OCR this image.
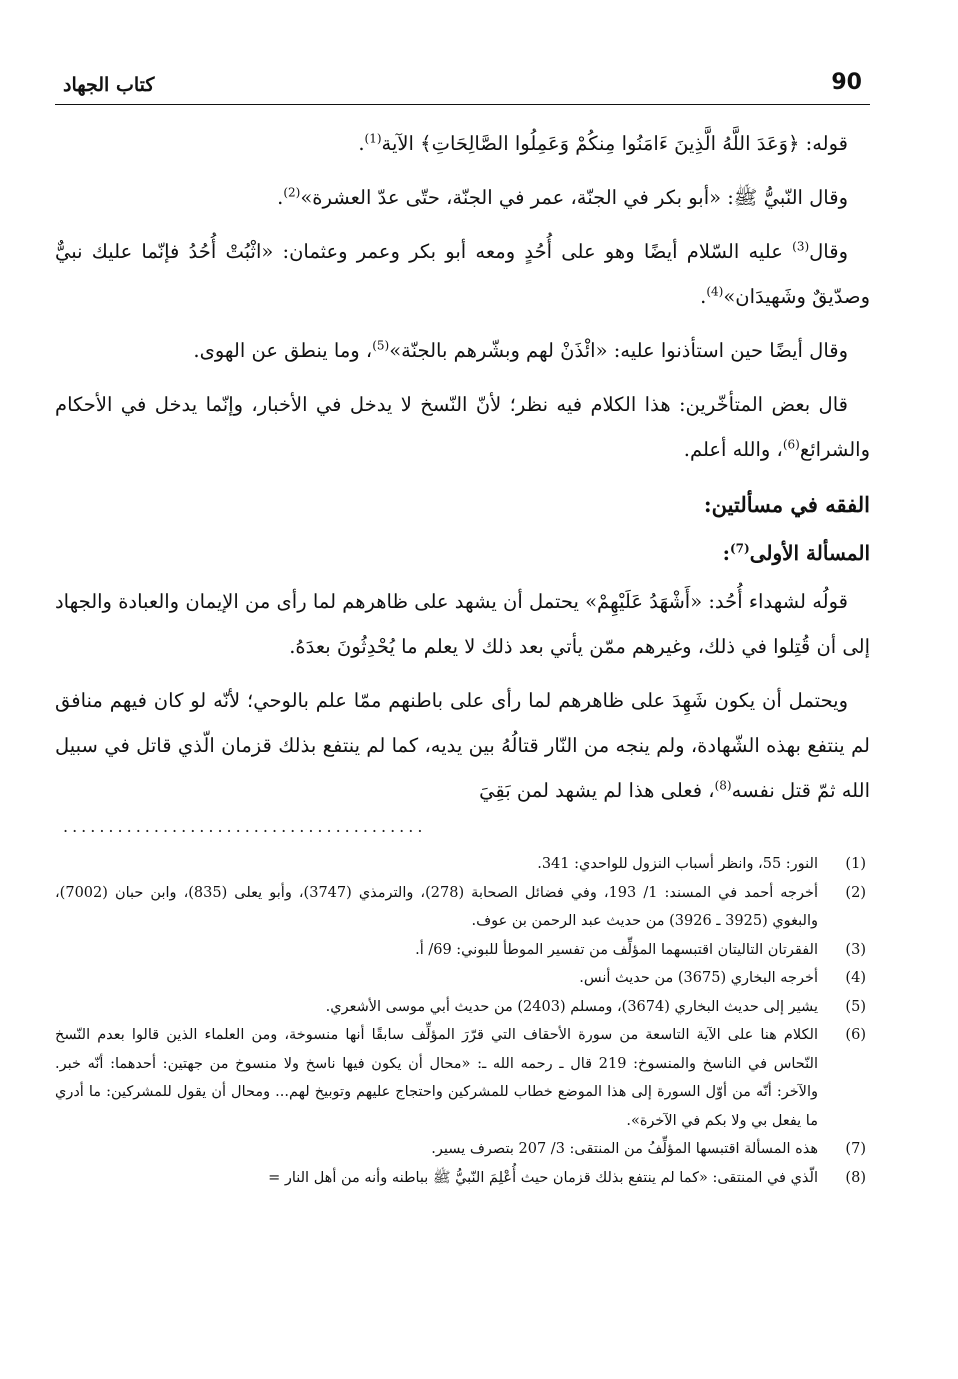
90
كتاب الجهاد

قوله: ﴿وَعَدَ اللَّهُ الَّذِينَ ءَامَنُوا مِنكُمْ وَعَمِلُوا الصَّالِحَاتِ﴾ الآية$^{(1)}$.

وقال النّبيُّ ﷺ: «أبو بكر في الجنّة، عمر في الجنّة، حتّى عدّ العشرة»$^{(2)}$.

وقال$^{(3)}$ عليه السّلام أيضًا وهو على أُحُدٍ ومعه أبو بكر وعمر وعثمان: «اثْبُتْ أُحُدُ فإنّما عليك نبيٌّ وصدّيقٌ وشَهيدَان»$^{(4)}$.

وقال أيضًا حين استأذنوا عليه: «ائْذَنْ لهم وبشّرهم بالجنّة»$^{(5)}$، وما ينطق عن الهوى.

قال بعض المتأخّرين: هذا الكلام فيه نظر؛ لأنّ النّسخ لا يدخل في الأخبار، وإنّما يدخل في الأحكام والشرائع$^{(6)}$، والله أعلم.

الفقه في مسألتين:
المسألة الأولى$^{(7)}$:

قولُه لشهداء أُحُد: «أَشْهَدُ عَلَيْهِمْ» يحتمل أن يشهد على ظاهرهم لما رأى من الإيمان والعبادة والجهاد إلى أن قُتِلوا في ذلك، وغيرهم ممّن يأتي بعد ذلك لا يعلم ما يُحْدِثُونَ بعدَهُ.

ويحتمل أن يكون شَهِدَ على ظاهرهم لما رأى على باطنهم ممّا علم بالوحي؛ لأنّه لو كان فيهم منافق لم ينتفع بهذه الشّهادة، ولم ينجه من النّار قتالُهُ بين يديه، كما لم ينتفع بذلك قزمان الّذي قاتل في سبيل الله ثمّ قتل نفسه$^{(8)}$، فعلى هذا لم يشهد لمن بَقِيَ

........................................
(1)
النور: 55، وانظر أسباب النزول للواحدي: 341.
(2)
أخرجه أحمد في المسند: 1/ 193، وفي فضائل الصحابة (278)، والترمذي (3747)، وأبو يعلى (835)، وابن حبان (7002)، والبغوي (3925 ـ 3926) من حديث عبد الرحمن بن عوف.
(3)
الفقرتان التاليتان اقتبسهما المؤلِّف من تفسير الموطأ للبوني: 69/ أ.
(4)
أخرجه البخاري (3675) من حديث أنس.
(5)
يشير إلى حديث البخاري (3674)، ومسلم (2403) من حديث أبي موسى الأشعري.
(6)
الكلام هنا على الآية التاسعة من سورة الأحقاف التي قرّرَ المؤلِّف سابقًا أنها منسوخة، ومن العلماء الذين قالوا بعدم النّسخ النّحاس في الناسخ والمنسوخ: 219 قال ـ رحمه الله ـ: «محال أن يكون فيها ناسخ ولا منسوخ من جهتين: أحدهما: أنّه خبر. والآخر: أنّه من أوّل السورة إلى هذا الموضع خطاب للمشركين واحتجاج عليهم وتوبيخ لهم... ومحال أن يقول للمشركين: ما أدري ما يفعل بي ولا بكم في الآخرة».
(7)
هذه المسألة اقتبسها المؤلِّفُ من المنتقى: 3/ 207 بتصرف يسير.
(8)
الّذي في المنتقى: «كما لم ينتفع بذلك قزمان حيث أُعْلِمَ النّبيُّ ﷺ بباطنه وأنه من أهل النار =
